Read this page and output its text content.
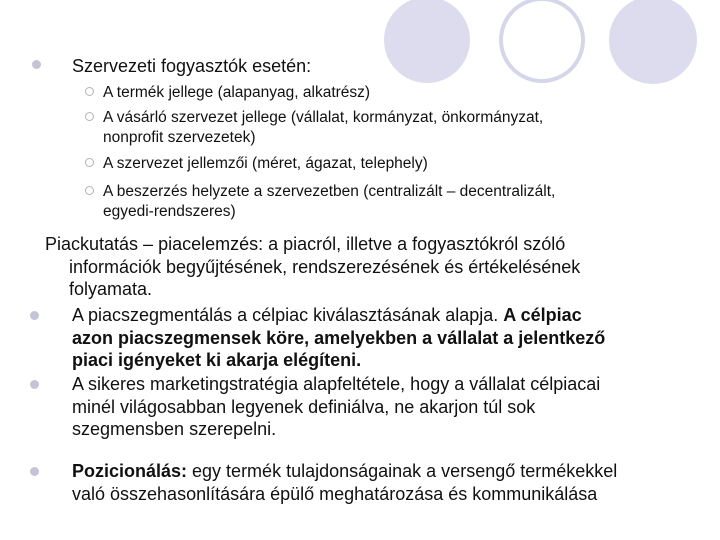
Szervezeti fogyasztók esetén:
A termék jellege (alapanyag, alkatrész)
A vásárló szervezet jellege (vállalat, kormányzat, önkormányzat,
nonprofit szervezetek)
A szervezet jellemzői (méret, ágazat, telephely)
A beszerzés helyzete a szervezetben (centralizált – decentralizált,
egyedi-rendszeres)
Piackutatás – piacelemzés: a piacról, illetve a fogyasztókról szóló
információk begyűjtésének, rendszerezésének és értékelésének
folyamata.
A piacszegmentálás a célpiac kiválasztásának alapja. A célpiac
azon piacszegmensek köre, amelyekben a vállalat a jelentkező
piaci igényeket ki akarja elégíteni.
A sikeres marketingstratégia alapfeltétele, hogy a vállalat célpiacai
minél világosabban legyenek definiálva, ne akarjon túl sok
szegmensben szerepelni.
Pozicionálás: egy termék tulajdonságainak a versengő termékekkel
való összehasonlítására épülő meghatározása és kommunikálása
